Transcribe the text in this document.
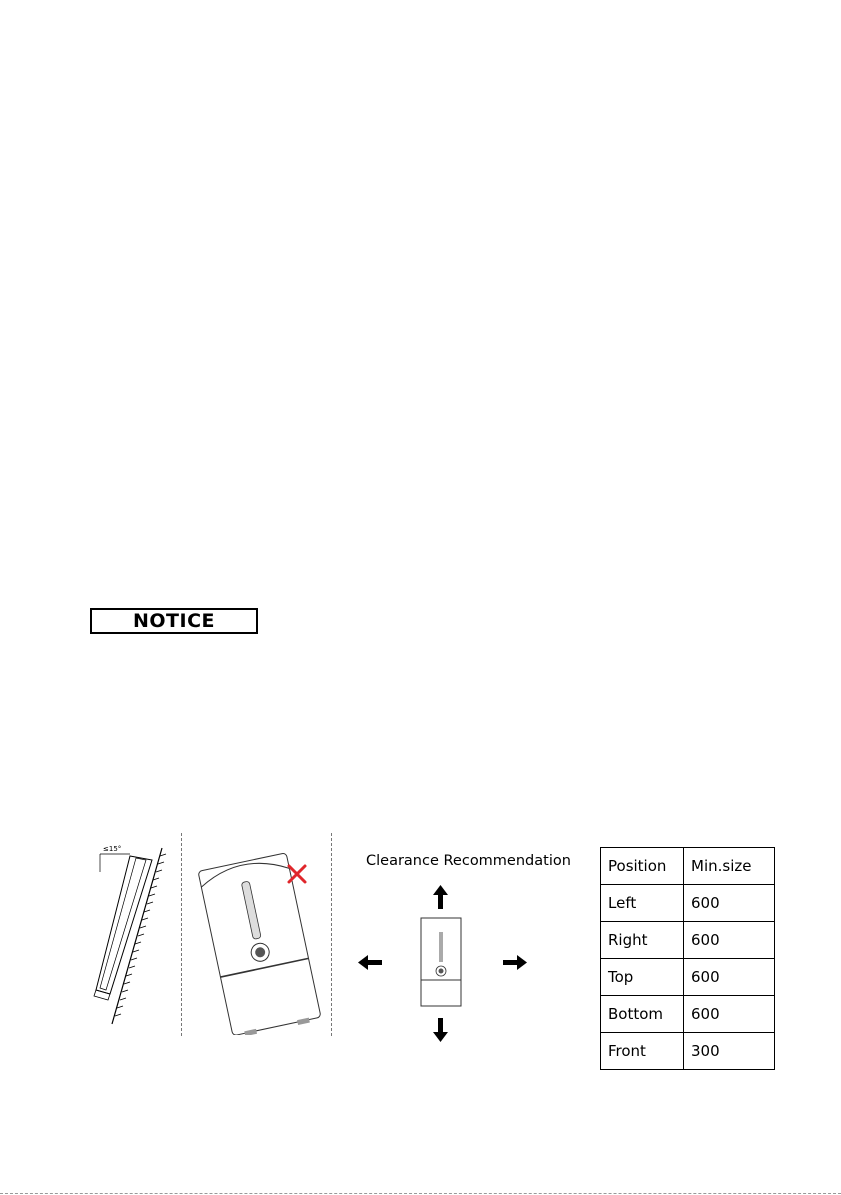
NOTICE
≤15°
Clearance Recommendation Position	Min.size
Left	600
Right	600
Top	600
Bottom	600
Front	300
